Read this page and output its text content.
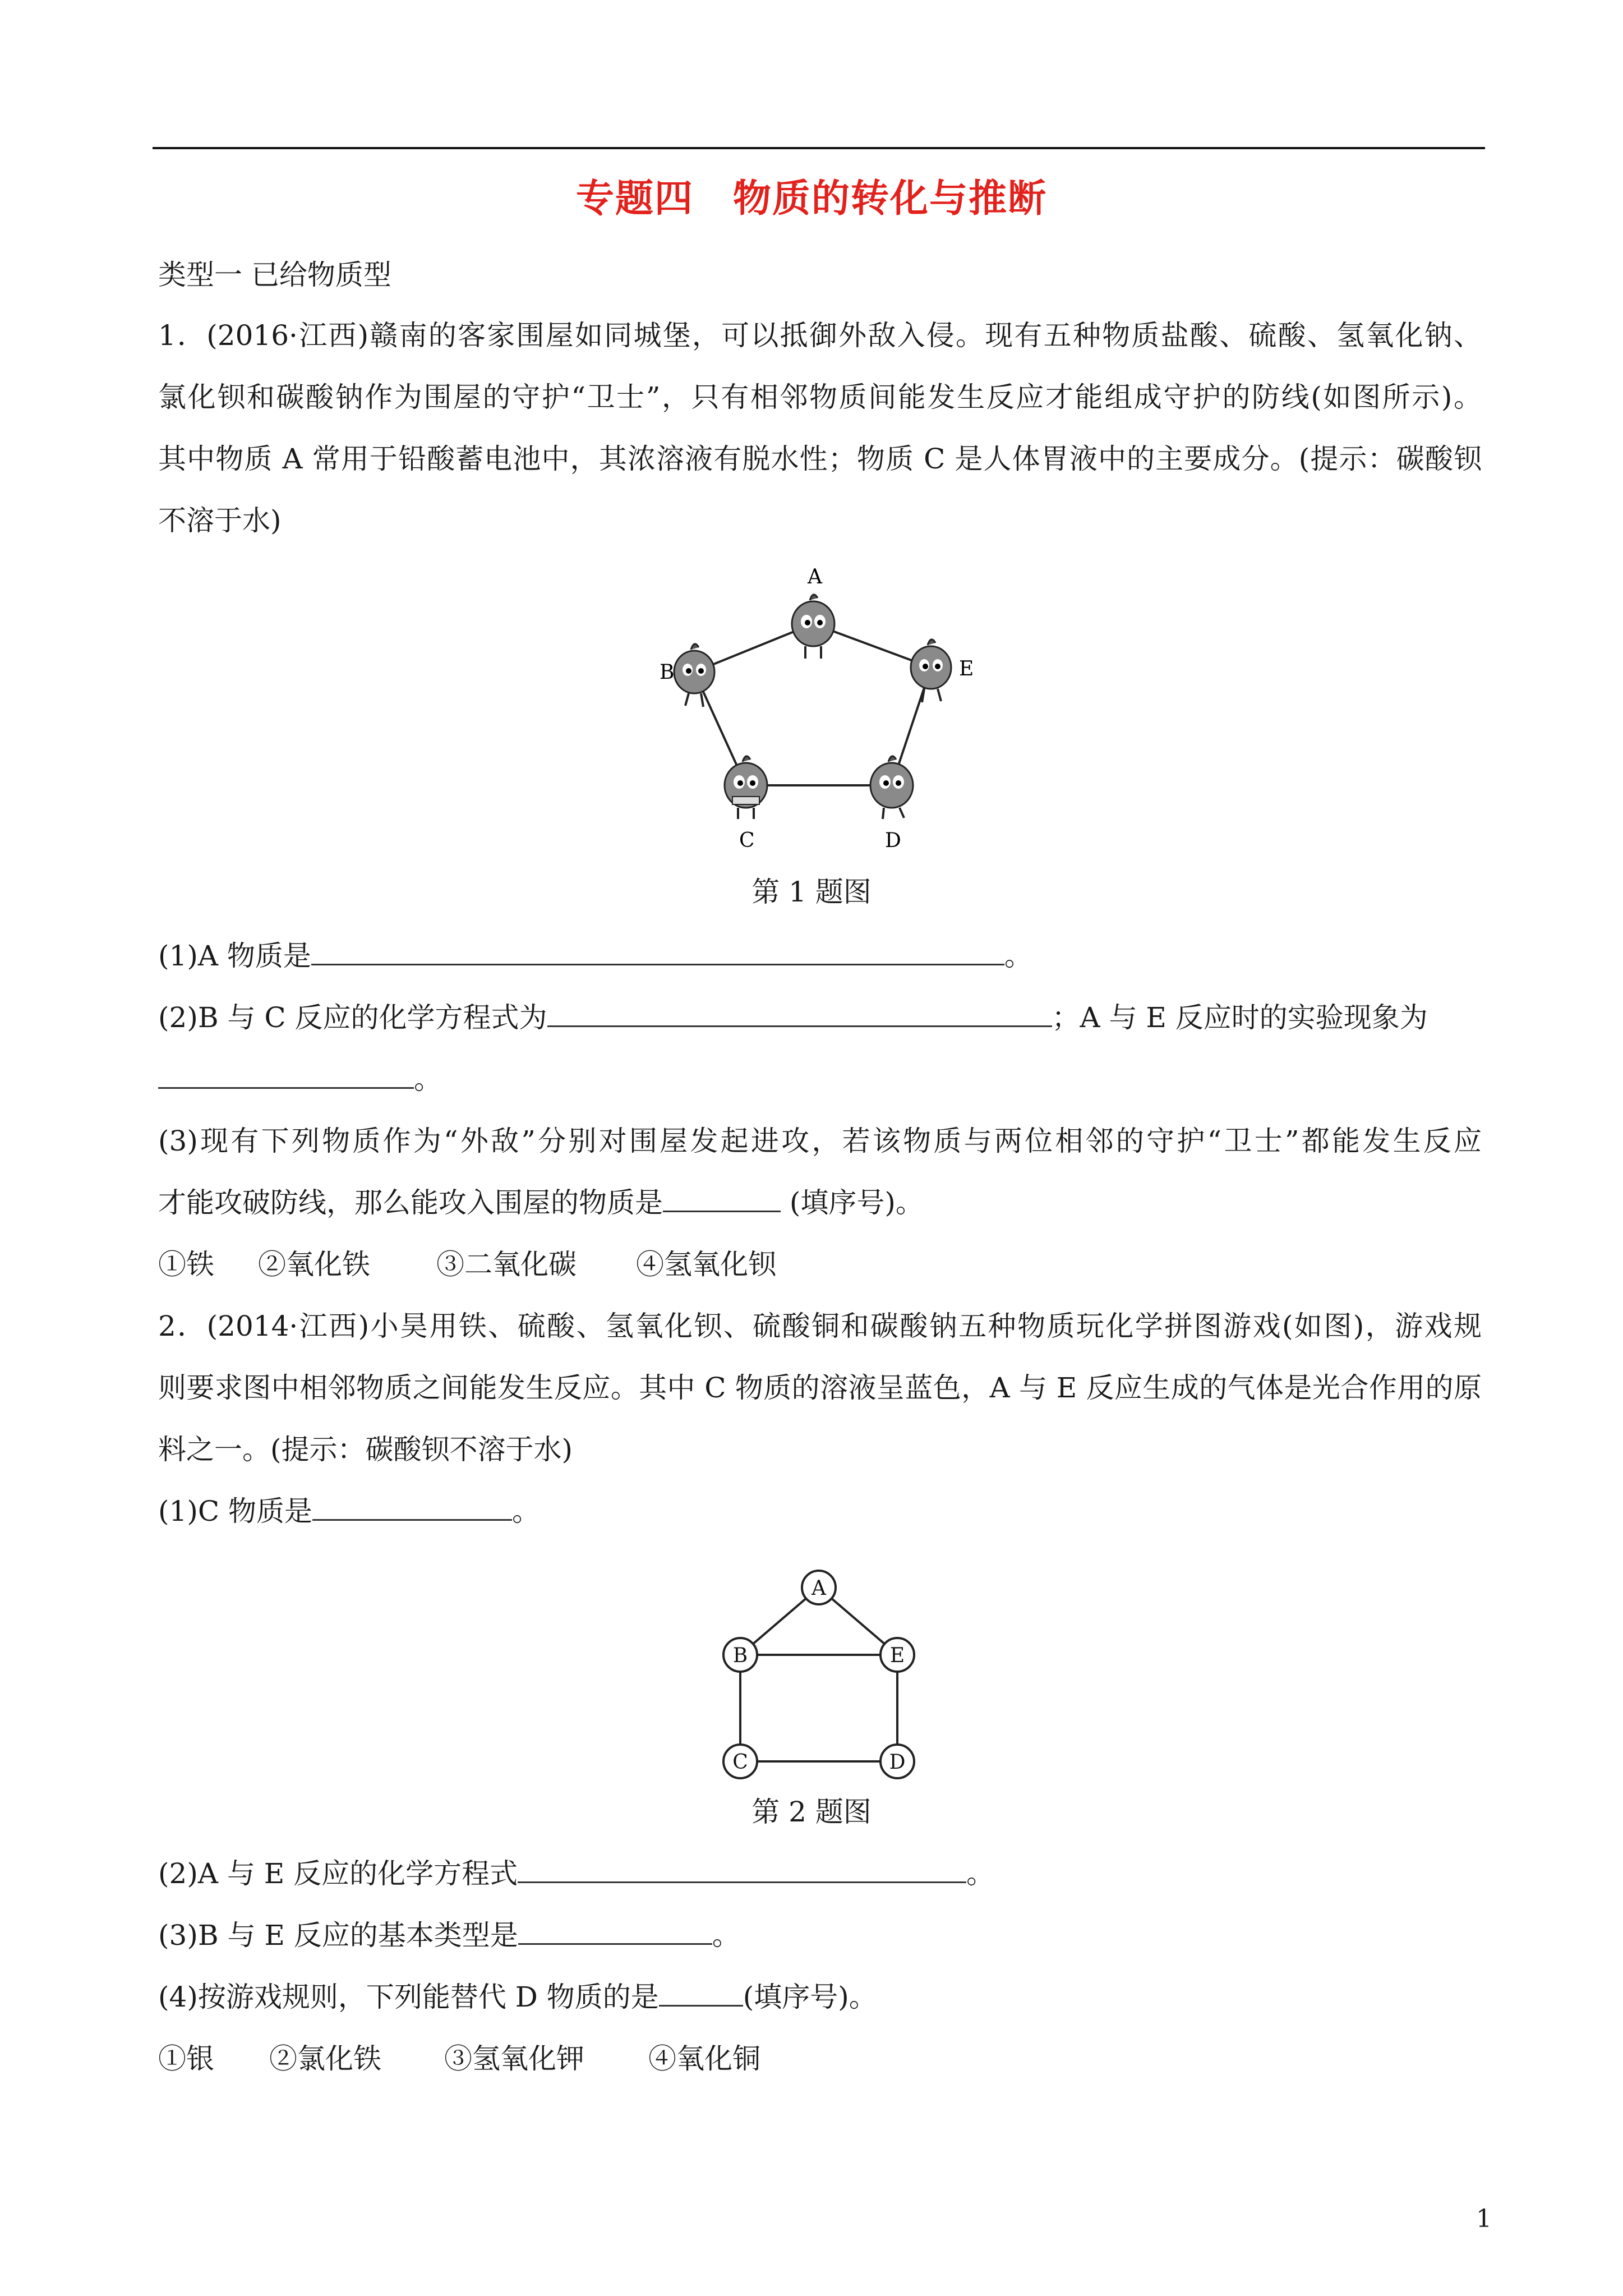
专题四　物质的转化与推断
类型一 已给物质型
1．(2016·江西)赣南的客家围屋如同城堡，可以抵御外敌入侵。现有五种物质盐酸、硫酸、氢氧化钠、
氯化钡和碳酸钠作为围屋的守护“卫士”，只有相邻物质间能发生反应才能组成守护的防线(如图所示)。
其中物质 A 常用于铅酸蓄电池中，其浓溶液有脱水性；物质 C 是人体胃液中的主要成分。(提示：碳酸钡
不溶于水)
A
B
C	D
E
第 1 题图
(1)A 物质是	。
(2)B 与 C 反应的化学方程式为	；A 与 E 反应时的实验现象为
。
(3)现有下列物质作为“外敌”分别对围屋发起进攻，若该物质与两位相邻的守护“卫士”都能发生反应
才能攻破防线，那么能攻入围屋的物质是	(填序号)。
①铁 ②氧化铁 ③二氧化碳 ④氢氧化钡
2．(2014·江西)小昊用铁、硫酸、氢氧化钡、硫酸铜和碳酸钠五种物质玩化学拼图游戏(如图)，游戏规
则要求图中相邻物质之间能发生反应。其中 C 物质的溶液呈蓝色，A 与 E 反应生成的气体是光合作用的原
料之一。(提示：碳酸钡不溶于水)
(1)C 物质是	。
A
B	E
C	D
第 2 题图
(2)A 与 E 反应的化学方程式	。
(3)B 与 E 反应的基本类型是	。
(4)按游戏规则，下列能替代 D 物质的是	(填序号)。
①银 ②氯化铁 ③氢氧化钾 ④氧化铜
1
